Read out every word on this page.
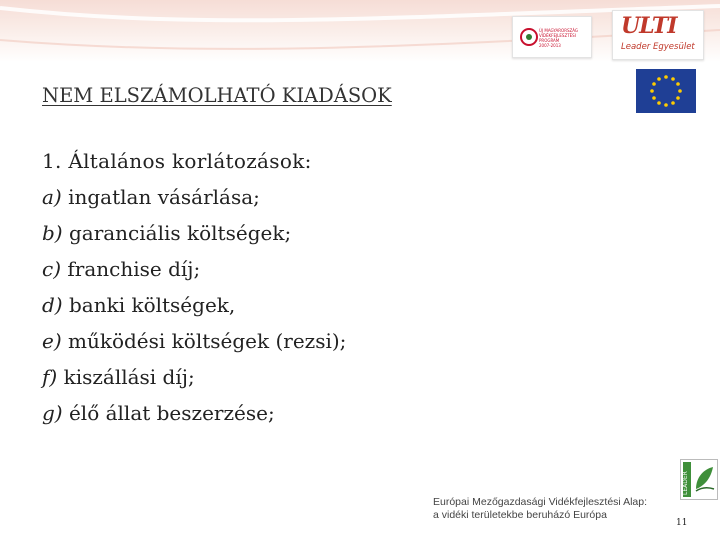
ÚJ MAGYARORSZÁG
VIDÉKFEJLESZTÉSI PROGRAM
2007-2013
ULTI
Leader Egyesület
NEM ELSZÁMOLHATÓ KIADÁSOK
1. Általános korlátozások:
a) ingatlan vásárlása;
b) garanciális költségek;
c) franchise díj;
d) banki költségek,
e) működési költségek (rezsi);
f) kiszállási díj;
g) élő állat beszerzése;
LEADER
Európai Mezőgazdasági Vidékfejlesztési Alap:
a vidéki területekbe beruházó Európa
11
